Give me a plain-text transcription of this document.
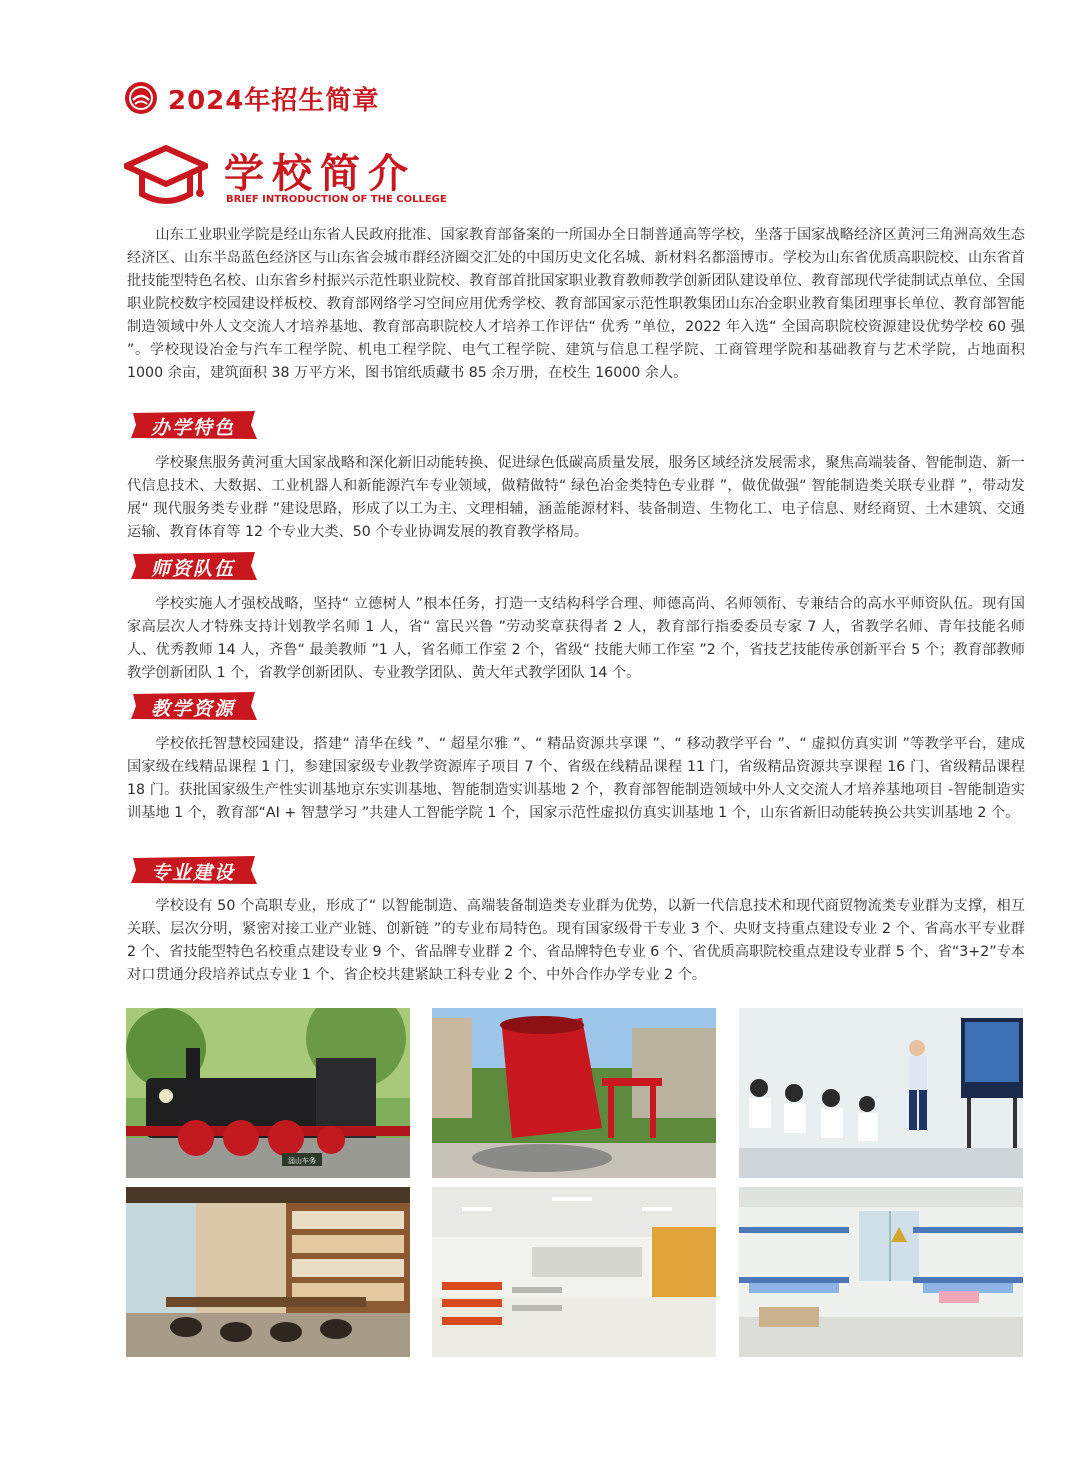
2024年招生简章
学校简介
BRIEF INTRODUCTION OF THE COLLEGE

山东工业职业学院是经山东省人民政府批准、国家教育部备案的一所国办全日制普通高等学校，坐落于国家战略经济区黄河三角洲高效生态经济区、山东半岛蓝色经济区与山东省会城市群经济圈交汇处的中国历史文化名城、新材料名都淄博市。学校为山东省优质高职院校、山东省首批技能型特色名校、山东省乡村振兴示范性职业院校、教育部首批国家职业教育教师教学创新团队建设单位、教育部现代学徒制试点单位、全国职业院校数字校园建设样板校、教育部网络学习空间应用优秀学校、教育部国家示范性职教集团山东冶金职业教育集团理事长单位、教育部智能制造领域中外人文交流人才培养基地、教育部高职院校人才培养工作评估“ 优秀 ”单位，2022 年入选“ 全国高职院校资源建设优势学校 60 强 ”。学校现设冶金与汽车工程学院、机电工程学院、电气工程学院、建筑与信息工程学院、工商管理学院和基础教育与艺术学院，占地面积 1000 余亩，建筑面积 38 万平方米，图书馆纸质藏书 85 余万册，在校生 16000 余人。

办学特色

学校聚焦服务黄河重大国家战略和深化新旧动能转换、促进绿色低碳高质量发展，服务区域经济发展需求，聚焦高端装备、智能制造、新一代信息技术、大数据、工业机器人和新能源汽车专业领域，做精做特“ 绿色冶金类特色专业群 ”，做优做强“ 智能制造类关联专业群 ”，带动发展“ 现代服务类专业群 ”建设思路，形成了以工为主、文理相辅，涵盖能源材料、装备制造、生物化工、电子信息、财经商贸、土木建筑、交通运输、教育体育等 12 个专业大类、50 个专业协调发展的教育教学格局。

师资队伍

学校实施人才强校战略，坚持“ 立德树人 ”根本任务，打造一支结构科学合理、师德高尚、名师领衔、专兼结合的高水平师资队伍。现有国家高层次人才特殊支持计划教学名师 1 人，省“ 富民兴鲁 ”劳动奖章获得者 2 人，教育部行指委委员专家 7 人，省教学名师、青年技能名师人、优秀教师 14 人，齐鲁“ 最美教师 ”1 人，省名师工作室 2 个，省级“ 技能大师工作室 ”2 个，省技艺技能传承创新平台 5 个；教育部教师教学创新团队 1 个，省教学创新团队、专业教学团队、黄大年式教学团队 14 个。

教学资源

学校依托智慧校园建设，搭建“ 清华在线 ”、“ 超星尔雅 ”、“ 精品资源共享课 ”、“ 移动教学平台 ”、“ 虚拟仿真实训 ”等教学平台，建成国家级在线精品课程 1 门，参建国家级专业教学资源库子项目 7 个、省级在线精品课程 11 门，省级精品资源共享课程 16 门、省级精品课程 18 门。获批国家级生产性实训基地京东实训基地、智能制造实训基地 2 个，教育部智能制造领域中外人文交流人才培养基地项目 -智能制造实训基地 1 个，教育部“AI + 智慧学习 ”共建人工智能学院 1 个，国家示范性虚拟仿真实训基地 1 个，山东省新旧动能转换公共实训基地 2 个。

专业建设

学校设有 50 个高职专业，形成了“ 以智能制造、高端装备制造类专业群为优势，以新一代信息技术和现代商贸物流类专业群为支撑，相互关联、层次分明，紧密对接工业产业链、创新链 ”的专业布局特色。现有国家级骨干专业 3 个、央财支持重点建设专业 2 个、省高水平专业群 2 个、省技能型特色名校重点建设专业 9 个、省品牌专业群 2 个、省品牌特色专业 6 个、省优质高职院校重点建设专业群 5 个、省“3+2”专本对口贯通分段培养试点专业 1 个、省企校共建紧缺工科专业 2 个、中外合作办学专业 2 个。

淄山车务
